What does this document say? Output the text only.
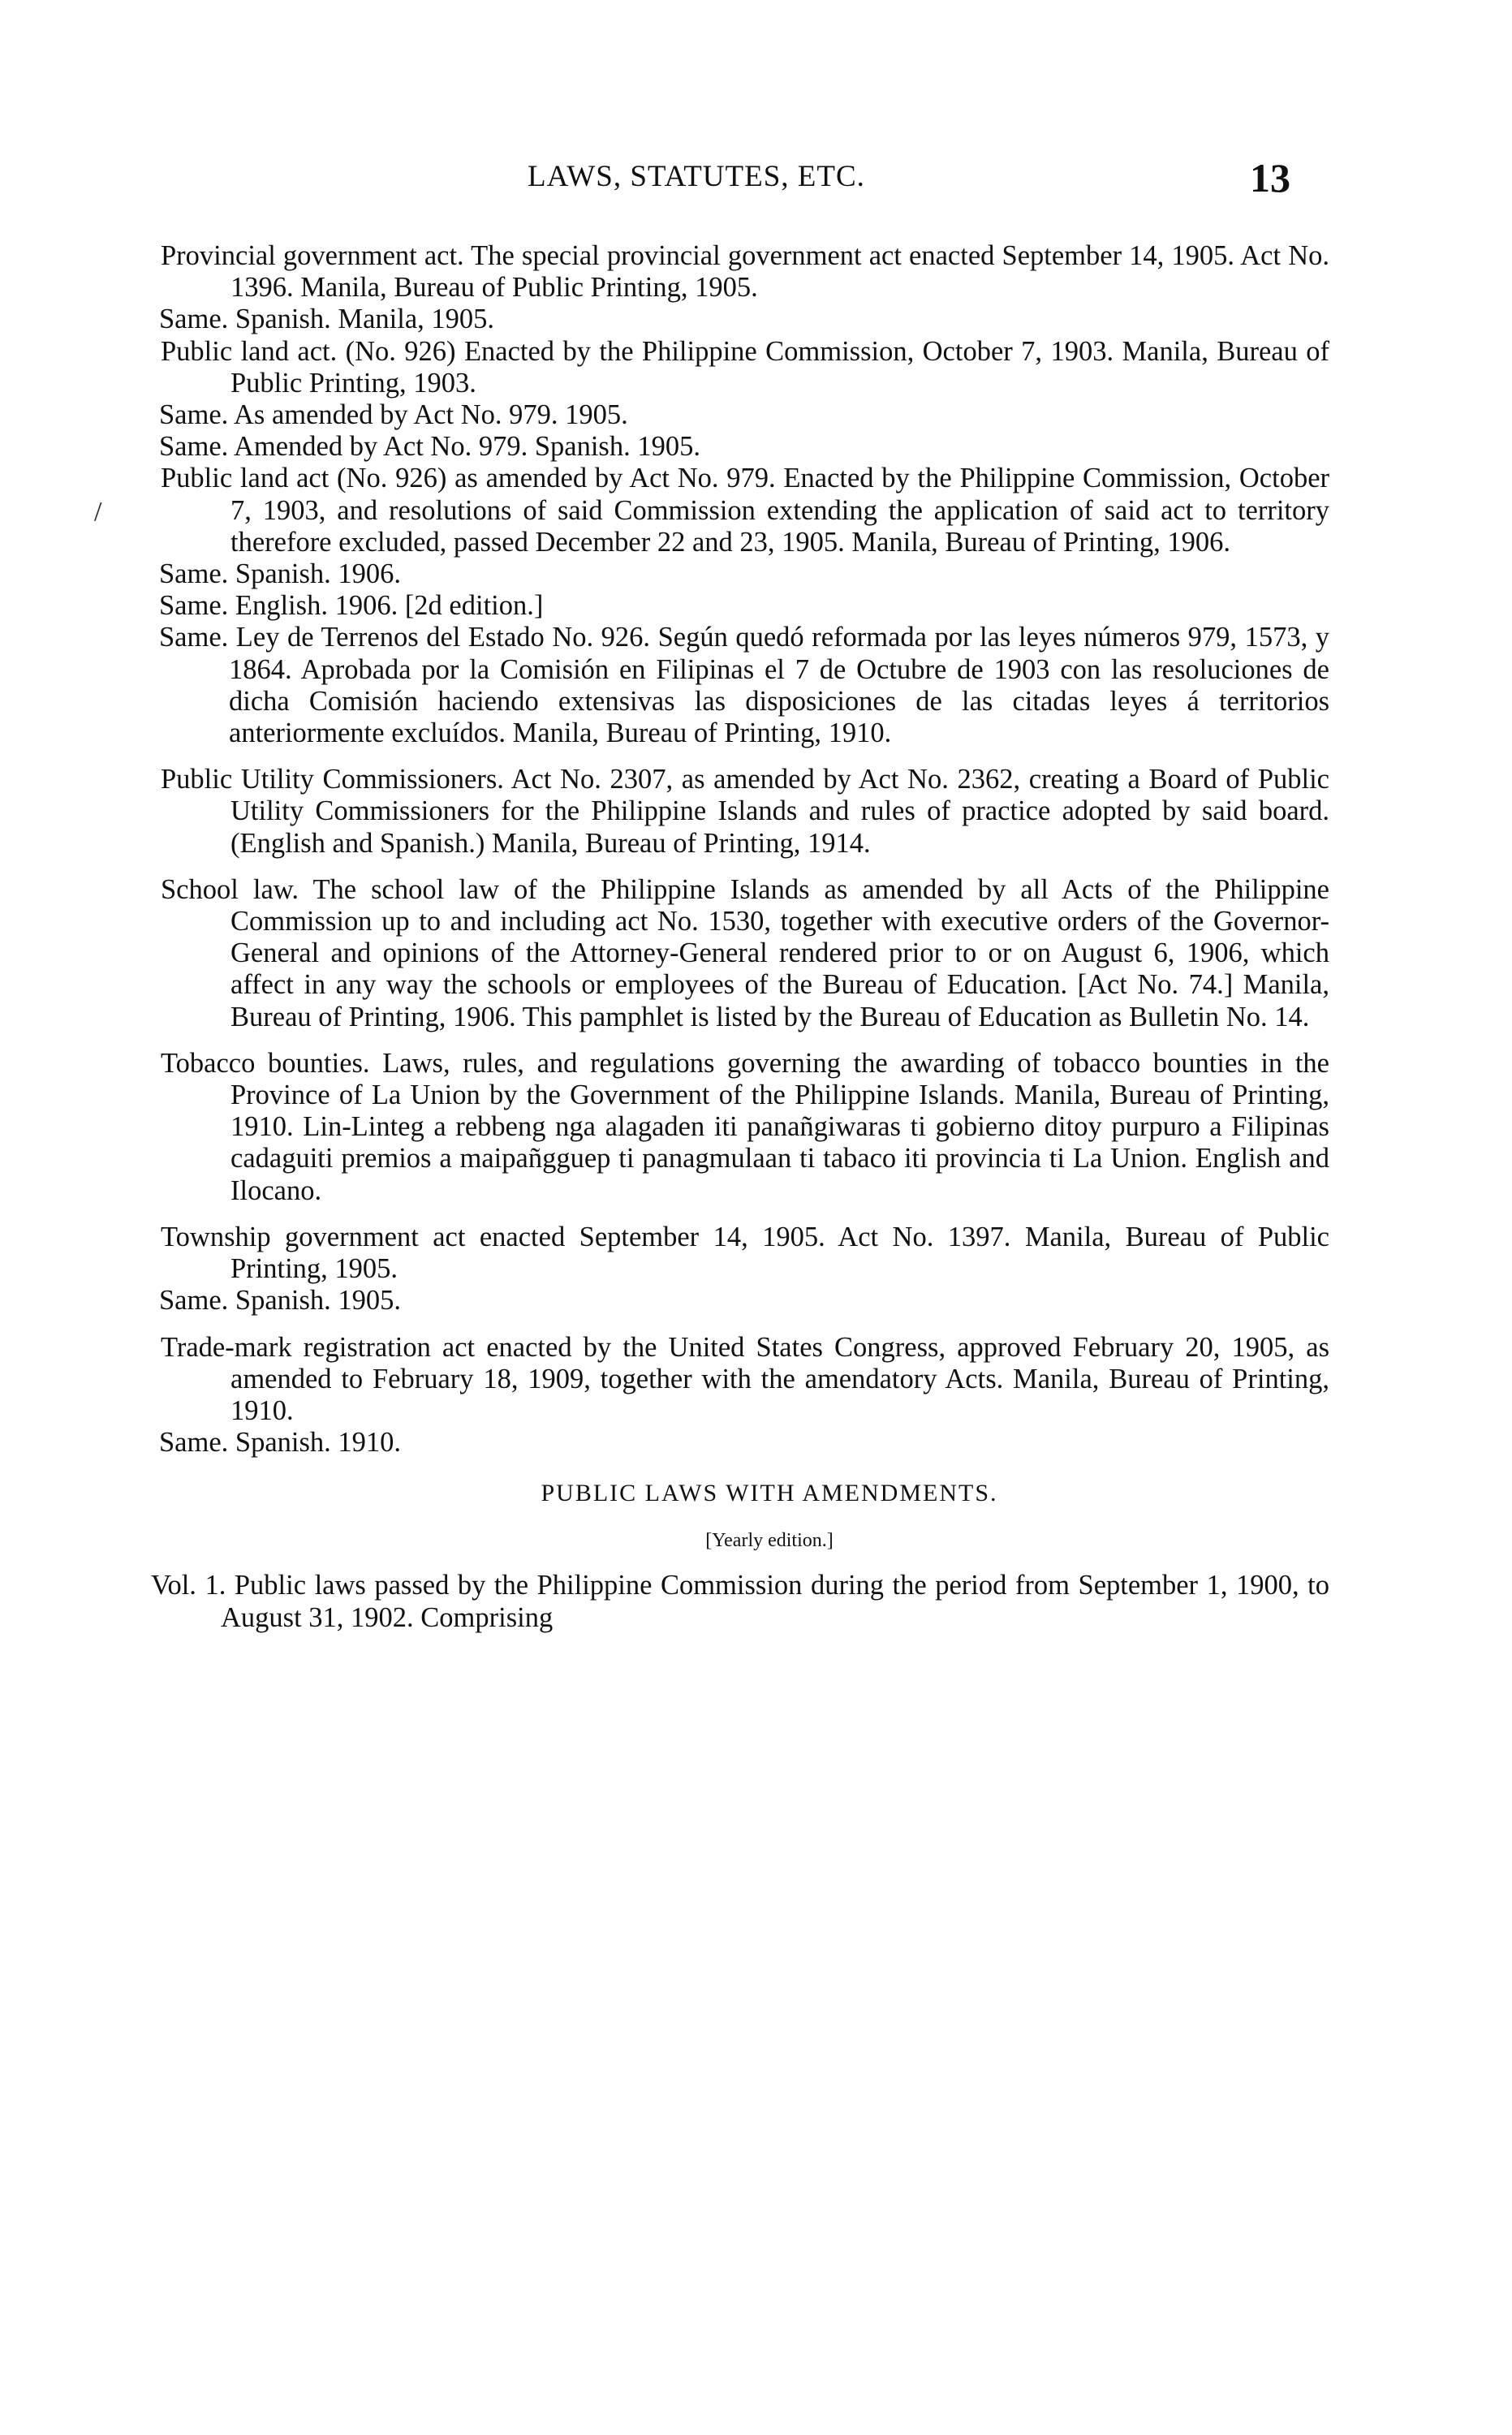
LAWS, STATUTES, ETC.	13
/

Provincial government act. The special provincial government act enacted September 14, 1905. Act No. 1396. Manila, Bureau of Public Printing, 1905.

Same. Spanish. Manila, 1905.

Public land act. (No. 926) Enacted by the Philippine Commission, October 7, 1903. Manila, Bureau of Public Printing, 1903.

Same. As amended by Act No. 979. 1905.

Same. Amended by Act No. 979. Spanish. 1905.

Public land act (No. 926) as amended by Act No. 979. Enacted by the Philippine Commission, October 7, 1903, and resolutions of said Commission extending the application of said act to territory therefore excluded, passed December 22 and 23, 1905. Manila, Bureau of Printing, 1906.

Same. Spanish. 1906.

Same. English. 1906. [2d edition.]

Same. Ley de Terrenos del Estado No. 926. Según quedó reformada por las leyes números 979, 1573, y 1864. Aprobada por la Comisión en Filipinas el 7 de Octubre de 1903 con las resoluciones de dicha Comisión haciendo extensivas las disposiciones de las citadas leyes á territorios anteriormente excluídos. Manila, Bureau of Printing, 1910.

Public Utility Commissioners. Act No. 2307, as amended by Act No. 2362, creating a Board of Public Utility Commissioners for the Philippine Islands and rules of practice adopted by said board. (English and Spanish.) Manila, Bureau of Printing, 1914.

School law. The school law of the Philippine Islands as amended by all Acts of the Philippine Commission up to and including act No. 1530, together with executive orders of the Governor-General and opinions of the Attorney-General rendered prior to or on August 6, 1906, which affect in any way the schools or employees of the Bureau of Education. [Act No. 74.] Manila, Bureau of Printing, 1906. This pamphlet is listed by the Bureau of Education as Bulletin No. 14.

Tobacco bounties. Laws, rules, and regulations governing the awarding of tobacco bounties in the Province of La Union by the Government of the Philippine Islands. Manila, Bureau of Printing, 1910. Lin-Linteg a rebbeng nga alagaden iti panañgiwaras ti gobierno ditoy purpuro a Filipinas cadaguiti premios a maipañgguep ti panagmulaan ti tabaco iti provincia ti La Union. English and Ilocano.

Township government act enacted September 14, 1905. Act No. 1397. Manila, Bureau of Public Printing, 1905.

Same. Spanish. 1905.

Trade-mark registration act enacted by the United States Congress, approved February 20, 1905, as amended to February 18, 1909, together with the amendatory Acts. Manila, Bureau of Printing, 1910.

Same. Spanish. 1910.

PUBLIC LAWS WITH AMENDMENTS.
[Yearly edition.]

Vol. 1. Public laws passed by the Philippine Commission during the period from September 1, 1900, to August 31, 1902. Comprising
